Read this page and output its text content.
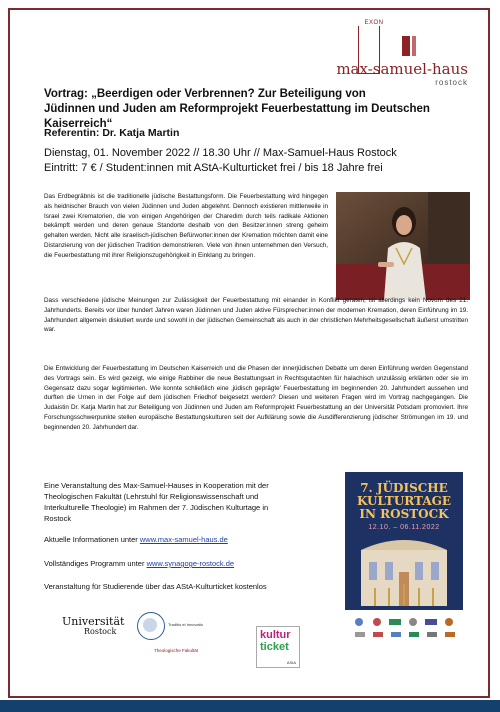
EXON
max-samuel-haus
rostock
Vortrag: „Beerdigen oder Verbrennen? Zur Beteiligung von
Jüdinnen und Juden am Reformprojekt Feuerbestattung im Deutschen Kaiserreich“
Referentin: Dr. Katja Martin
Dienstag, 01. November 2022 // 18.30 Uhr // Max-Samuel-Haus Rostock
Eintritt: 7 € / Student:innen mit AStA-Kulturticket frei / bis 18 Jahre frei
Das Erdbegräbnis ist die traditionelle jüdische Bestattungsform. Die Feuerbestattung wird hingegen als heidnischer Brauch von vielen Jüdinnen und Juden abgelehnt. Dennoch existieren mittlerweile in Israel zwei Krematorien, die von einigen Angehörigen der Charedim durch teils radikale Aktionen bekämpft werden und deren genaue Standorte deshalb von den Besitzer:innen streng geheim gehalten werden. Nicht alle israelisch-jüdischen Befürworter:innen der Kremation möchten damit eine Distanzierung von der jüdischen Tradition demonstrieren. Viele von ihnen unternehmen den Versuch, die Feuerbestattung mit ihrer Religionszugehörigkeit in Einklang zu bringen.
Dass verschiedene jüdische Meinungen zur Zulässigkeit der Feuerbestattung mit einander in Konflikt geraten, ist allerdings kein Novum des 21. Jahrhunderts. Bereits vor über hundert Jahren waren Jüdinnen und Juden aktive Fürsprecher:innen der modernen Kremation, deren Einführung im 19. Jahrhundert allgemein diskutiert wurde und sowohl in der jüdischen Gemeinschaft als auch in der christlichen Mehrheitsgesellschaft äußerst umstritten war.
Die Entwicklung der Feuerbestattung im Deutschen Kaiserreich und die Phasen der innerjüdischen Debatte um deren Einführung werden Gegenstand des Vortrags sein. Es wird gezeigt, wie einige Rabbiner die neue Bestattungsart in Rechtsgutachten für halachisch unzulässig erklärten oder sie im Gegensatz dazu sogar legitimierten. Wie konnte schließlich eine ‚jüdisch geprägte' Feuerbestattung im beginnenden 20. Jahrhundert aussehen und durften die Urnen in der Folge auf dem jüdischen Friedhof beigesetzt werden? Diesen und weiteren Fragen wird im Vortrag nachgegangen. Die Judaistin Dr. Katja Martin hat zur Beteiligung von Jüdinnen und Juden am Reformprojekt Feuerbestattung an der Universität Potsdam promoviert. Ihre Forschungsschwerpunkte stellen europäische Bestattungskulturen seit der Aufklärung sowie die Ausdifferenzierung jüdischer Strömungen im 19. und beginnenden 20. Jahrhundert dar.
Eine Veranstaltung des Max-Samuel-Hauses in Kooperation mit der Theologischen Fakultät (Lehrstuhl für Religionswissenschaft und Interkulturelle Theologie) im Rahmen der 7. Jüdischen Kulturtage in Rostock
Aktuelle Informationen unter www.max-samuel-haus.de
Vollständiges Programm unter www.synagoge-rostock.de
Veranstaltung für Studierende über das AStA-Kulturticket kostenlos
7. JÜDISCHE
KULTURTAGE
IN ROSTOCK
12.10. – 06.11.2022
Universität
Rostock
Traditio et Innovatio
Theologische Fakultät
kultur
ticket
AStA
